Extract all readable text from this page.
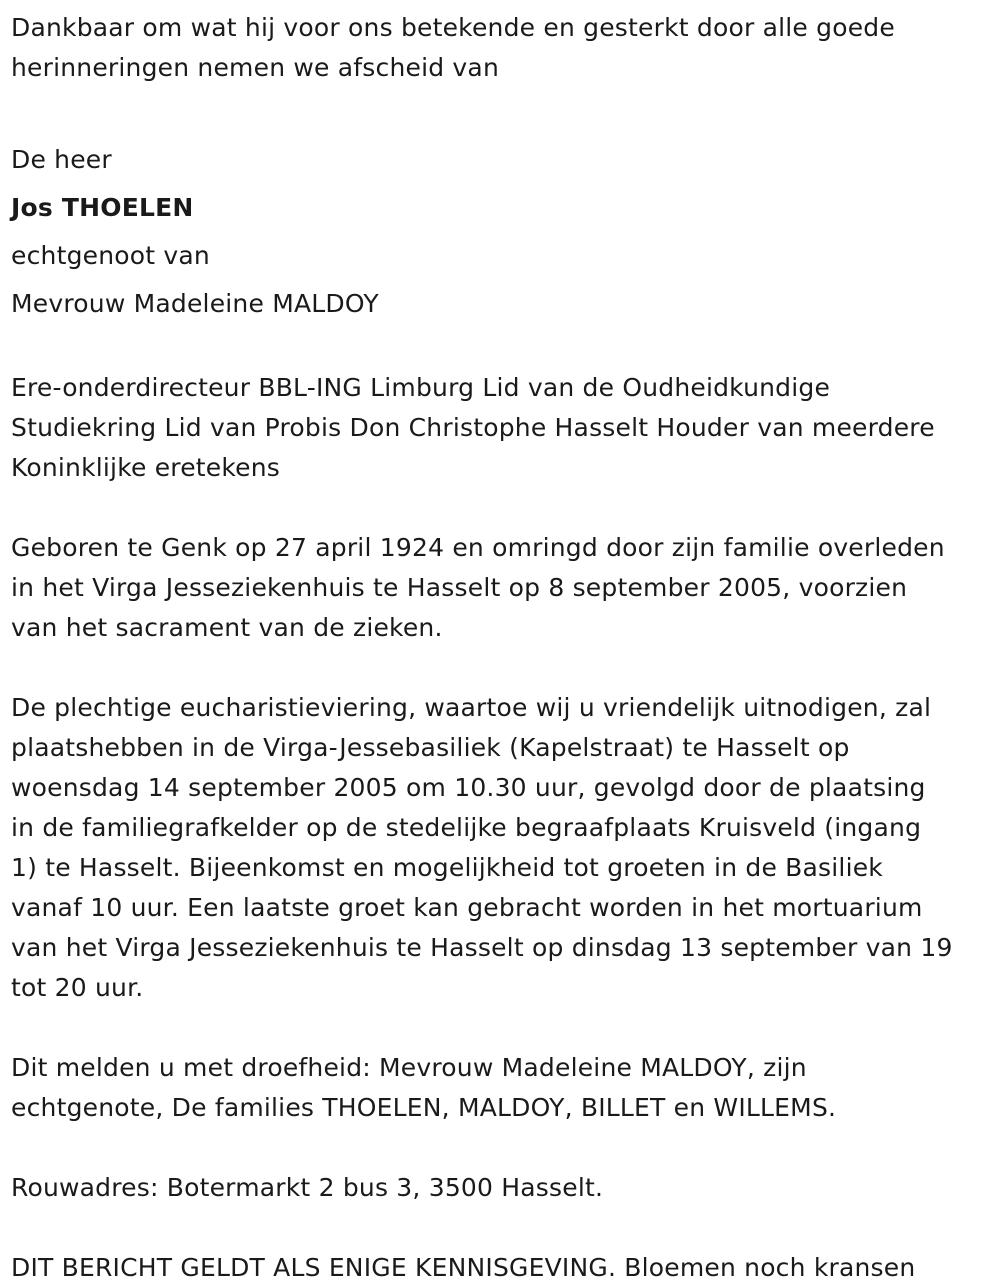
Dankbaar om wat hij voor ons betekende en gesterkt door alle goede
herinneringen nemen we afscheid van

De heer

Jos THOELEN

echtgenoot van

Mevrouw Madeleine MALDOY

Ere-onderdirecteur BBL-ING Limburg Lid van de Oudheidkundige
Studiekring Lid van Probis Don Christophe Hasselt Houder van meerdere
Koninklijke eretekens

Geboren te Genk op 27 april 1924 en omringd door zijn familie overleden
in het Virga Jesseziekenhuis te Hasselt op 8 september 2005, voorzien
van het sacrament van de zieken.

De plechtige eucharistieviering, waartoe wij u vriendelijk uitnodigen, zal
plaatshebben in de Virga-Jessebasiliek (Kapelstraat) te Hasselt op
woensdag 14 september 2005 om 10.30 uur, gevolgd door de plaatsing
in de familiegrafkelder op de stedelijke begraafplaats Kruisveld (ingang
1) te Hasselt. Bijeenkomst en mogelijkheid tot groeten in de Basiliek
vanaf 10 uur. Een laatste groet kan gebracht worden in het mortuarium
van het Virga Jesseziekenhuis te Hasselt op dinsdag 13 september van 19
tot 20 uur.

Dit melden u met droefheid: Mevrouw Madeleine MALDOY, zijn
echtgenote, De families THOELEN, MALDOY, BILLET en WILLEMS.

Rouwadres: Botermarkt 2 bus 3, 3500 Hasselt.

DIT BERICHT GELDT ALS ENIGE KENNISGEVING. Bloemen noch kransen
